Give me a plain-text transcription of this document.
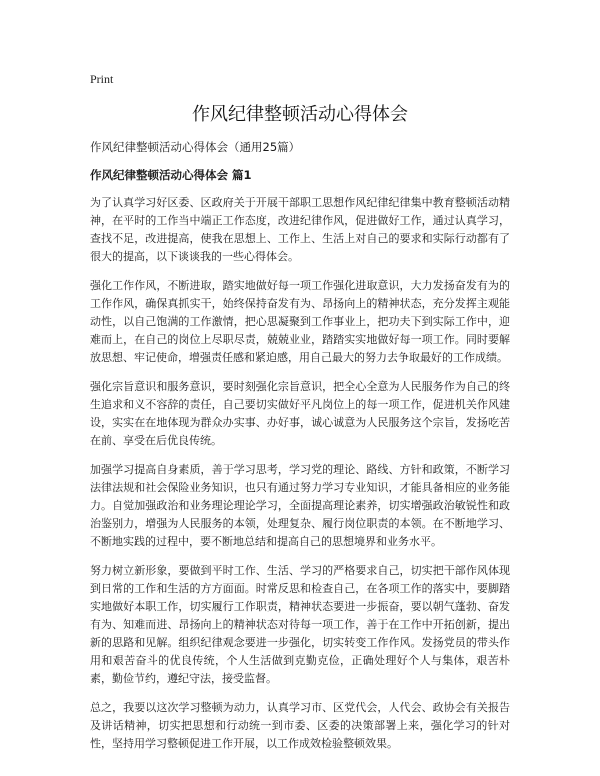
Print
作风纪律整顿活动心得体会

作风纪律整顿活动心得体会（通用25篇）

作风纪律整顿活动心得体会 篇1

为了认真学习好区委、区政府关于开展干部职工思想作风纪律纪律集中教育整顿活动精神，在平时的工作当中端正工作态度，改进纪律作风，促进做好工作，通过认真学习，查找不足，改进提高，使我在思想上、工作上、生活上对自己的要求和实际行动都有了很大的提高，以下谈谈我的一些心得体会。

强化工作作风，不断进取，踏实地做好每一项工作强化进取意识，大力发扬奋发有为的工作作风，确保真抓实干，始终保持奋发有为、昂扬向上的精神状态，充分发挥主观能动性，以自己饱满的工作激情，把心思凝聚到工作事业上，把功夫下到实际工作中，迎难而上，在自己的岗位上尽职尽责，兢兢业业，踏踏实实地做好每一项工作。同时要解放思想、牢记使命，增强责任感和紧迫感，用自己最大的努力去争取最好的工作成绩。

强化宗旨意识和服务意识，要时刻强化宗旨意识，把全心全意为人民服务作为自己的终生追求和义不容辞的责任，自己要切实做好平凡岗位上的每一项工作，促进机关作风建设，实实在在地体现为群众办实事、办好事，诚心诚意为人民服务这个宗旨，发扬吃苦在前、享受在后优良传统。

加强学习提高自身素质，善于学习思考，学习党的理论、路线、方针和政策，不断学习法律法规和社会保险业务知识，也只有通过努力学习专业知识，才能具备相应的业务能力。自觉加强政治和业务理论理论学习，全面提高理论素养，切实增强政治敏锐性和政治鉴别力，增强为人民服务的本领，处理复杂、履行岗位职责的本领。在不断地学习、不断地实践的过程中，要不断地总结和提高自己的思想境界和业务水平。

努力树立新形象，要做到平时工作、生活、学习的严格要求自己，切实把干部作风体现到日常的工作和生活的方方面面。时常反思和检查自己，在各项工作的落实中，要脚踏实地做好本职工作，切实履行工作职责，精神状态要进一步振奋，要以朝气蓬勃、奋发有为、知难而进、昂扬向上的精神状态对待每一项工作，善于在工作中开拓创新，提出新的思路和见解。组织纪律观念要进一步强化，切实转变工作作风。发扬党员的带头作用和艰苦奋斗的优良传统，个人生活做到克勤克俭，正确处理好个人与集体，艰苦朴素，勤俭节约，遵纪守法，接受监督。

总之，我要以这次学习整顿为动力，认真学习市、区党代会，人代会、政协会有关报告及讲话精神，切实把思想和行动统一到市委、区委的决策部署上来，强化学习的针对性，坚持用学习整顿促进工作开展，以工作成效检验整顿效果。
